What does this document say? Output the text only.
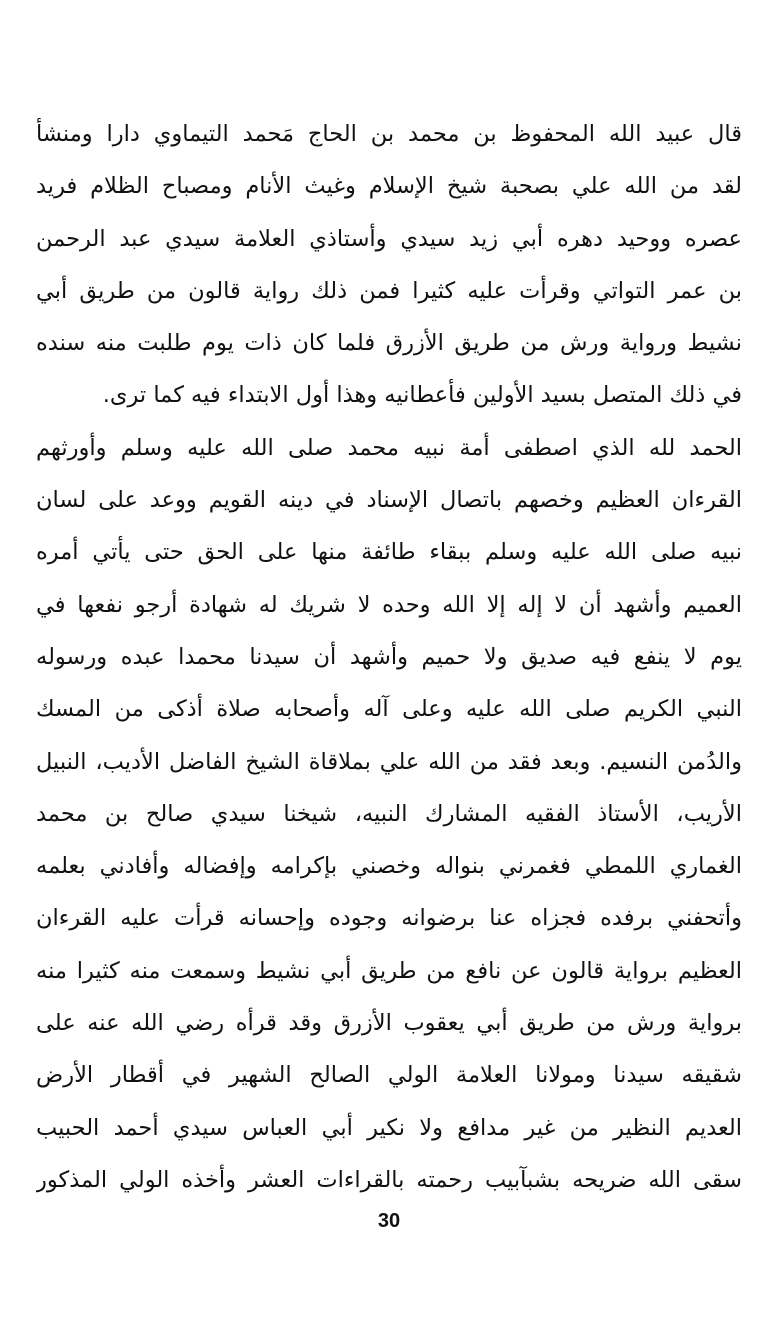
قال عبيد الله المحفوظ بن محمد بن الحاج مَحمد التيماوي دارا ومنشأ
لقد من الله علي بصحبة شيخ الإسلام وغيث الأنام ومصباح الظلام فريد
عصره ووحيد دهره أبي زيد سيدي وأستاذي العلامة سيدي عبد الرحمن
بن عمر التواتي وقرأت عليه كثيرا فمن ذلك رواية قالون من طريق أبي
نشيط ورواية ورش من طريق الأزرق فلما كان ذات يوم طلبت منه سنده
في ذلك المتصل بسيد الأولين فأعطانيه وهذا أول الابتداء فيه كما ترى.
الحمد لله الذي اصطفى أمة نبيه محمد صلى الله عليه وسلم وأورثهم
القرءان العظيم وخصهم باتصال الإسناد في دينه القويم ووعد على لسان
نبيه صلى الله عليه وسلم ببقاء طائفة منها على الحق حتى يأتي أمره
العميم وأشهد أن لا إله إلا الله وحده لا شريك له شهادة أرجو نفعها في
يوم لا ينفع فيه صديق ولا حميم وأشهد أن سيدنا محمدا عبده ورسوله
النبي الكريم صلى الله عليه وعلى آله وأصحابه صلاة أذكى من المسك
والدُمن النسيم. وبعد فقد من الله علي بملاقاة الشيخ الفاضل الأديب، النبيل
الأريب، الأستاذ الفقيه المشارك النبيه، شيخنا سيدي صالح بن محمد
الغماري اللمطي فغمرني بنواله وخصني بإكرامه وإفضاله وأفادني بعلمه
وأتحفني برفده فجزاه عنا برضوانه وجوده وإحسانه قرأت عليه القرءان
العظيم برواية قالون عن نافع من طريق أبي نشيط وسمعت منه كثيرا منه
برواية ورش من طريق أبي يعقوب الأزرق وقد قرأه رضي الله عنه على
شقيقه سيدنا ومولانا العلامة الولي الصالح الشهير في أقطار الأرض
العديم النظير من غير مدافع ولا نكير أبي العباس سيدي أحمد الحبيب
سقى الله ضريحه بشبآبيب رحمته بالقراءات العشر وأخذه الولي المذكور
30
